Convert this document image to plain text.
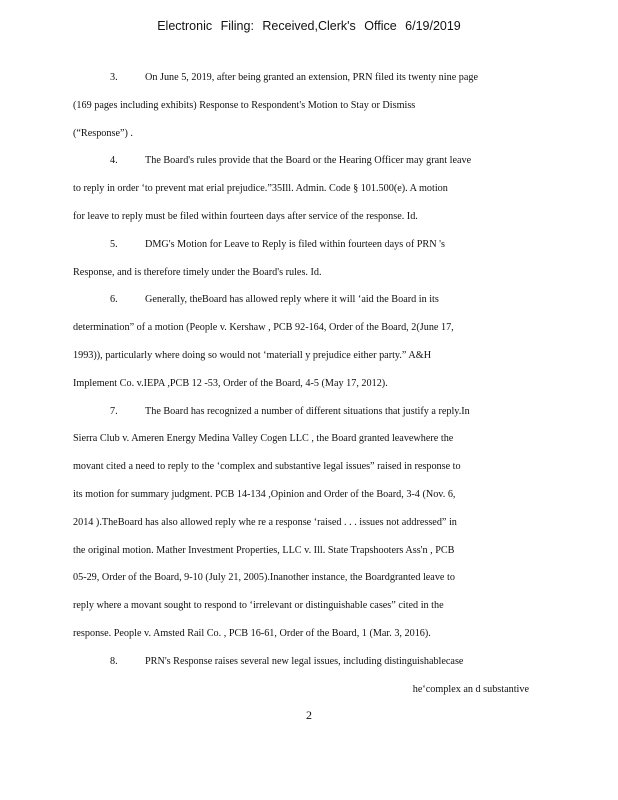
Electronic Filing: Received,Clerk's Office 6/19/2019
3.	On June 5, 2019, after being granted an extension, PRN filed its twenty nine page
(169 pages including exhibits) Response to Respondent's Motion to Stay or Dismiss
(“Response”) .
4.	The Board's rules provide that the Board or the Hearing Officer may grant leave
to reply in order ‘to prevent mat erial prejudice.”35Ill. Admin. Code § 101.500(e). A motion
for leave to reply must be filed within fourteen days after service of the response. Id.
5.	DMG's Motion for Leave to Reply is filed within fourteen days of PRN 's
Response, and is therefore timely under the Board's rules. Id.
6.	Generally, theBoard has allowed reply where it will ‘aid the Board in its
determination” of a motion (People v. Kershaw , PCB 92-164, Order of the Board, 2(June 17,
1993)), particularly where doing so would not ‘materiall y prejudice either party.” A&H
Implement Co. v.IEPA ,PCB 12 -53, Order of the Board, 4-5 (May 17, 2012).
7.	The Board has recognized a number of different situations that justify a reply.In
Sierra Club v. Ameren Energy Medina Valley Cogen LLC , the Board granted leavewhere the
movant cited a need to reply to the ‘complex and substantive legal issues” raised in response to
its motion for summary judgment. PCB 14-134 ,Opinion and Order of the Board, 3-4 (Nov. 6,
2014 ).TheBoard has also allowed reply whe re a response ‘raised . . . issues not addressed” in
the original motion. Mather Investment Properties, LLC v. Ill. State Trapshooters Ass'n , PCB
05-29, Order of the Board, 9-10 (July 21, 2005).Inanother instance, the Boardgranted leave to
reply where a movant sought to respond to ‘irrelevant or distinguishable cases” cited in the
response. People v. Amsted Rail Co. , PCB 16-61, Order of the Board, 1 (Mar. 3, 2016).
8.	PRN's Response raises several new legal issues, including distinguishablecase
he‘complex an d substantive
2
